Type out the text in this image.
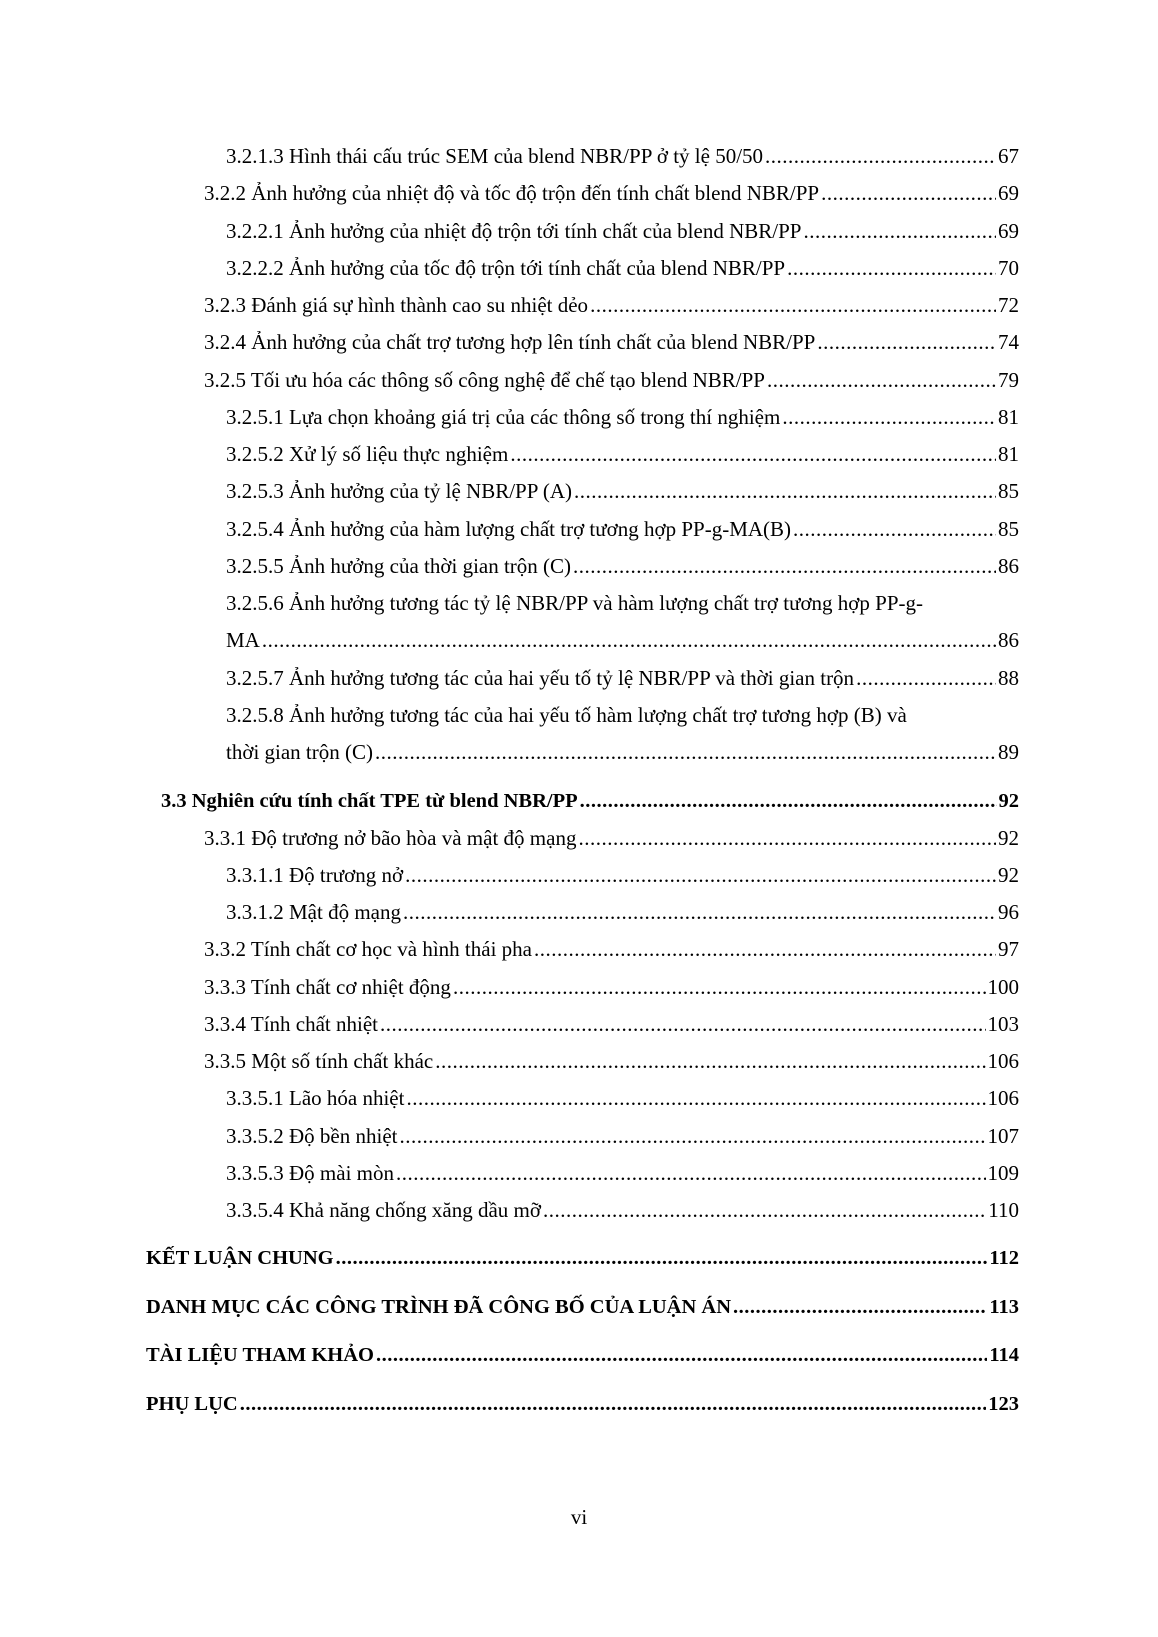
3.2.1.3 Hình thái cấu trúc SEM của blend NBR/PP ở tỷ lệ 50/50 .....	67
3.2.2 Ảnh hưởng của nhiệt độ và tốc độ trộn đến tính chất blend NBR/PP .....	69
3.2.2.1 Ảnh hưởng của nhiệt độ trộn tới tính chất của blend NBR/PP .....	69
3.2.2.2 Ảnh hưởng của tốc độ trộn tới tính chất của blend NBR/PP .....	70
3.2.3 Đánh giá sự hình thành cao su nhiệt dẻo .....	72
3.2.4 Ảnh hưởng của chất trợ tương hợp lên tính chất của blend NBR/PP .....	74
3.2.5 Tối ưu hóa các thông số công nghệ để chế tạo blend NBR/PP .....	79
3.2.5.1 Lựa chọn khoảng giá trị của các thông số trong thí nghiệm .....	81
3.2.5.2 Xử lý số liệu thực nghiệm .....	81
3.2.5.3 Ảnh hưởng của tỷ lệ NBR/PP (A) .....	85
3.2.5.4 Ảnh hưởng của hàm lượng chất trợ tương hợp PP-g-MA(B) .....	85
3.2.5.5 Ảnh hưởng của thời gian trộn (C) .....	86
3.2.5.6 Ảnh hưởng tương tác tỷ lệ NBR/PP và hàm lượng chất trợ tương hợp PP-g-
MA .....	86
3.2.5.7 Ảnh hưởng tương tác của hai yếu tố tỷ lệ NBR/PP và thời gian trộn .....	88
3.2.5.8 Ảnh hưởng tương tác của hai yếu tố hàm lượng chất trợ tương hợp (B) và
thời gian trộn (C) .....	89
3.3 Nghiên cứu tính chất TPE từ blend NBR/PP .....	92
3.3.1 Độ trương nở bão hòa và mật độ mạng .....	92
3.3.1.1 Độ trương nở .....	92
3.3.1.2 Mật độ mạng .....	96
3.3.2 Tính chất cơ học và hình thái pha .....	97
3.3.3 Tính chất cơ nhiệt động .....	100
3.3.4 Tính chất nhiệt .....	103
3.3.5 Một số tính chất khác .....	106
3.3.5.1 Lão hóa nhiệt .....	106
3.3.5.2 Độ bền nhiệt .....	107
3.3.5.3 Độ mài mòn .....	109
3.3.5.4 Khả năng chống xăng dầu mỡ .....	110
KẾT LUẬN CHUNG .....	112
DANH MỤC CÁC CÔNG TRÌNH ĐÃ CÔNG BỐ CỦA LUẬN ÁN .....	113
TÀI LIỆU THAM KHẢO .....	114
PHỤ LỤC .....	123
vi
